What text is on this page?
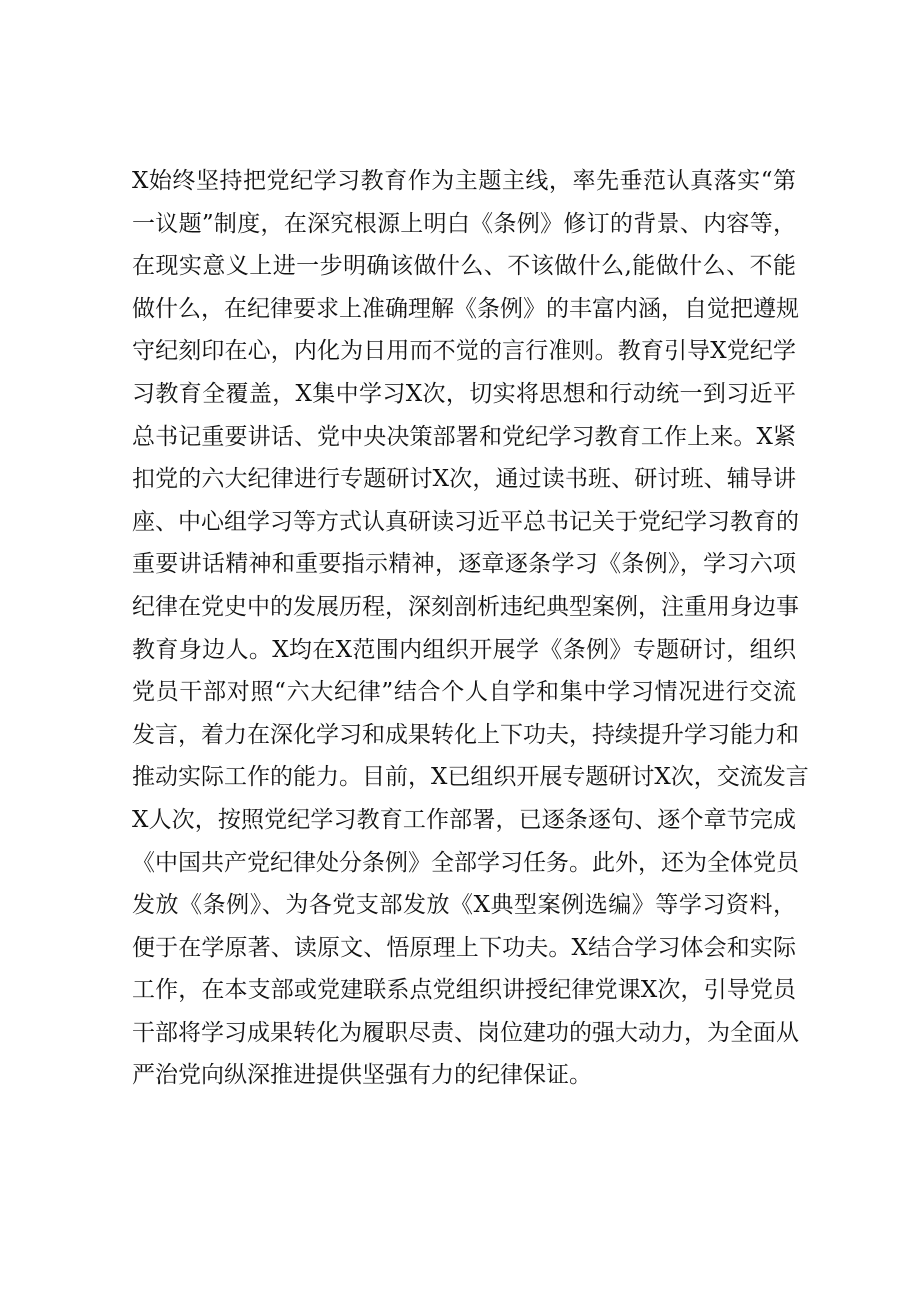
X始终坚持把党纪学习教育作为主题主线，率先垂范认真落实“第
一议题”制度，在深究根源上明白《条例》修订的背景、内容等，
在现实意义上进一步明确该做什么、不该做什么,能做什么、不能
做什么，在纪律要求上准确理解《条例》的丰富内涵，自觉把遵规
守纪刻印在心，内化为日用而不觉的言行准则。教育引导X党纪学
习教育全覆盖，X集中学习X次，切实将思想和行动统一到习近平
总书记重要讲话、党中央决策部署和党纪学习教育工作上来。X紧
扣党的六大纪律进行专题研讨X次，通过读书班、研讨班、辅导讲
座、中心组学习等方式认真研读习近平总书记关于党纪学习教育的
重要讲话精神和重要指示精神，逐章逐条学习《条例》，学习六项
纪律在党史中的发展历程，深刻剖析违纪典型案例，注重用身边事
教育身边人。X均在X范围内组织开展学《条例》专题研讨，组织
党员干部对照“六大纪律”结合个人自学和集中学习情况进行交流
发言，着力在深化学习和成果转化上下功夫，持续提升学习能力和
推动实际工作的能力。目前，X已组织开展专题研讨X次，交流发言
X人次，按照党纪学习教育工作部署，已逐条逐句、逐个章节完成
《中国共产党纪律处分条例》全部学习任务。此外，还为全体党员
发放《条例》、为各党支部发放《X典型案例选编》等学习资料，
便于在学原著、读原文、悟原理上下功夫。X结合学习体会和实际
工作，在本支部或党建联系点党组织讲授纪律党课X次，引导党员
干部将学习成果转化为履职尽责、岗位建功的强大动力，为全面从
严治党向纵深推进提供坚强有力的纪律保证。
